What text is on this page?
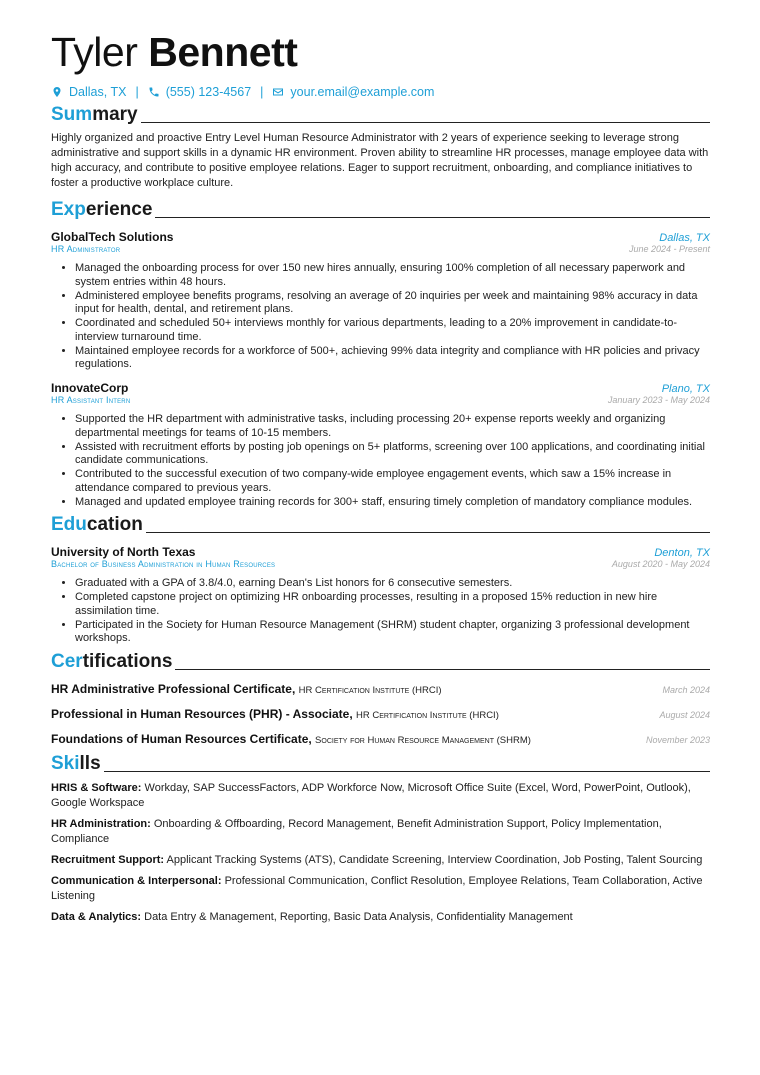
Tyler Bennett
Dallas, TX | (555) 123-4567 | your.email@example.com
Summary

Highly organized and proactive Entry Level Human Resource Administrator with 2 years of experience seeking to leverage strong administrative and support skills in a dynamic HR environment. Proven ability to streamline HR processes, manage employee data with high accuracy, and contribute to positive employee relations. Eager to support recruitment, onboarding, and compliance initiatives to foster a productive workplace culture.

Experience
GlobalTech Solutions	Dallas, TX
HR Administrator	June 2024 - Present
• Managed the onboarding process for over 150 new hires annually, ensuring 100% completion of all necessary paperwork and system entries within 48 hours.
• Administered employee benefits programs, resolving an average of 20 inquiries per week and maintaining 98% accuracy in data input for health, dental, and retirement plans.
• Coordinated and scheduled 50+ interviews monthly for various departments, leading to a 20% improvement in candidate-to-interview turnaround time.
• Maintained employee records for a workforce of 500+, achieving 99% data integrity and compliance with HR policies and privacy regulations.
InnovateCorp	Plano, TX
HR Assistant Intern	January 2023 - May 2024
• Supported the HR department with administrative tasks, including processing 20+ expense reports weekly and organizing departmental meetings for teams of 10-15 members.
• Assisted with recruitment efforts by posting job openings on 5+ platforms, screening over 100 applications, and coordinating initial candidate communications.
• Contributed to the successful execution of two company-wide employee engagement events, which saw a 15% increase in attendance compared to previous years.
• Managed and updated employee training records for 300+ staff, ensuring timely completion of mandatory compliance modules.
Education
University of North Texas	Denton, TX
Bachelor of Business Administration in Human Resources	August 2020 - May 2024
• Graduated with a GPA of 3.8/4.0, earning Dean's List honors for 6 consecutive semesters.
• Completed capstone project on optimizing HR onboarding processes, resulting in a proposed 15% reduction in new hire assimilation time.
• Participated in the Society for Human Resource Management (SHRM) student chapter, organizing 3 professional development workshops.
Certifications
HR Administrative Professional Certificate, HR Certification Institute (HRCI)	March 2024
Professional in Human Resources (PHR) - Associate, HR Certification Institute (HRCI)	August 2024
Foundations of Human Resources Certificate, Society for Human Resource Management (SHRM)	November 2023
Skills
HRIS & Software: Workday, SAP SuccessFactors, ADP Workforce Now, Microsoft Office Suite (Excel, Word, PowerPoint, Outlook), Google Workspace
HR Administration: Onboarding & Offboarding, Record Management, Benefit Administration Support, Policy Implementation, Compliance
Recruitment Support: Applicant Tracking Systems (ATS), Candidate Screening, Interview Coordination, Job Posting, Talent Sourcing
Communication & Interpersonal: Professional Communication, Conflict Resolution, Employee Relations, Team Collaboration, Active Listening
Data & Analytics: Data Entry & Management, Reporting, Basic Data Analysis, Confidentiality Management
